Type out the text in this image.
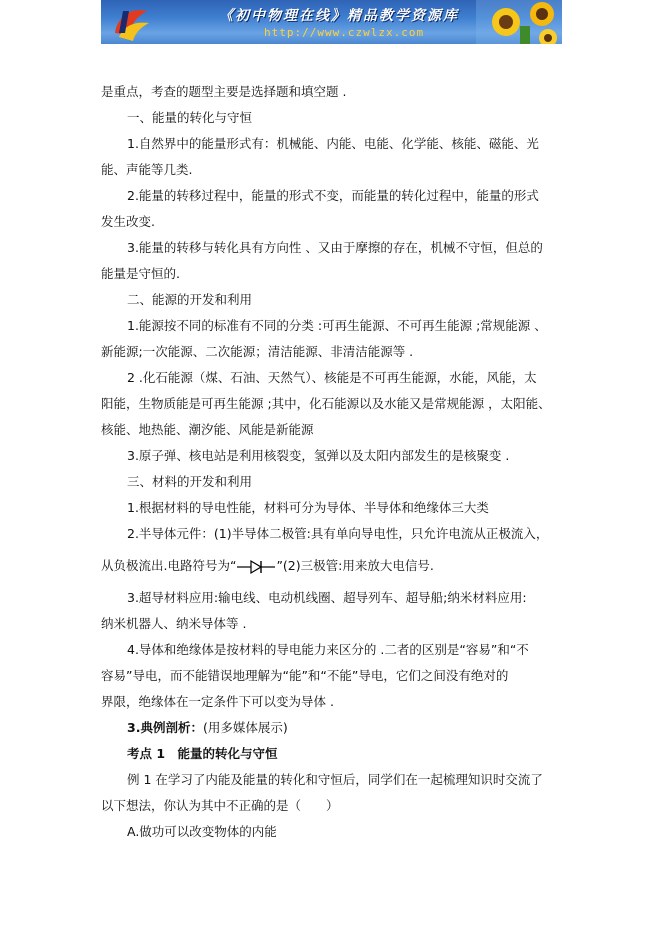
《初中物理在线》精品教学资源库
http://www.czwlzx.com

是重点，考查的题型主要是选择题和填空题 .

一、能量的转化与守恒

1.自然界中的能量形式有：机械能、内能、电能、化学能、核能、磁能、光

能、声能等几类.

2.能量的转移过程中，能量的形式不变，而能量的转化过程中，能量的形式

发生改变.

3.能量的转移与转化具有方向性 、又由于摩擦的存在，机械不守恒，但总的

能量是守恒的.

二、能源的开发和利用

1.能源按不同的标准有不同的分类 :可再生能源、不可再生能源 ;常规能源 、

新能源;一次能源、二次能源；清洁能源、非清洁能源等 .

2 .化石能源（煤、石油、天然气）、核能是不可再生能源，水能，风能，太

阳能，生物质能是可再生能源 ;其中，化石能源以及水能又是常规能源 ，太阳能、

核能、地热能、潮汐能、风能是新能源

3.原子弹、核电站是利用核裂变，氢弹以及太阳内部发生的是核聚变 .

三、材料的开发和利用

1.根据材料的导电性能，材料可分为导体、半导体和绝缘体三大类

2.半导体元件：(1)半导体二极管:具有单向导电性，只允许电流从正极流入，

从负极流出.电路符号为“	”(2)三极管:用来放大电信号.

3.超导材料应用:输电线、电动机线圈、超导列车、超导船;纳米材料应用:

纳米机器人、纳米导体等 .

4.导体和绝缘体是按材料的导电能力来区分的 .二者的区别是“容易”和“不

容易”导电，而不能错误地理解为“能”和“不能”导电，它们之间没有绝对的

界限，绝缘体在一定条件下可以变为导体 .

3.典例剖析：(用多媒体展示)

考点 1　能量的转化与守恒

例 1 在学习了内能及能量的转化和守恒后，同学们在一起梳理知识时交流了

以下想法，你认为其中不正确的是（　　）

A.做功可以改变物体的内能
